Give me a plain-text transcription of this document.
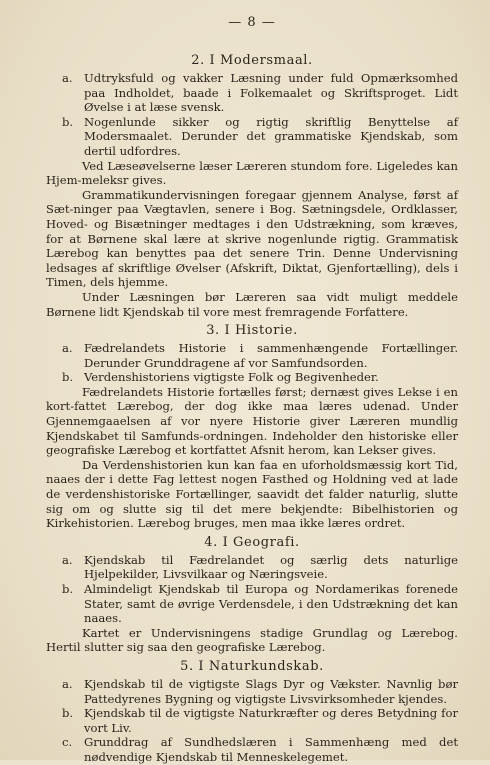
— 8 —
2. I Modersmaal.
a. Udtryksfuld og vakker Læsning under fuld Opmærksomhed paa Indholdet, baade i Folkemaalet og Skriftsproget. Lidt Øvelse i at læse svensk.

b. Nogenlunde sikker og rigtig skriftlig Benyttelse af Modersmaalet. Derunder det grammatiske Kjendskab, som dertil udfordres.

Ved Læseøvelserne læser Læreren stundom fore. Ligeledes kan Hjem-meleksr gives.

Grammatikundervisningen foregaar gjennem Analyse, først af Sæt-ninger paa Vægtavlen, senere i Bog. Sætningsdele, Ordklasser, Hoved- og Bisætninger medtages i den Udstrækning, som kræves, for at Børnene skal lære at skrive nogenlunde rigtig. Grammatisk Lærebog kan benyttes paa det senere Trin. Denne Undervisning ledsages af skriftlige Øvelser (Afskrift, Diktat, Gjenfortælling), dels i Timen, dels hjemme.

Under Læsningen bør Læreren saa vidt muligt meddele Børnene lidt Kjendskab til vore mest fremragende Forfattere.

3. I Historie.
a. Fædrelandets Historie i sammenhængende Fortællinger. Derunder Grunddragene af vor Samfundsorden.

b. Verdenshistoriens vigtigste Folk og Begivenheder.

Fædrelandets Historie fortælles først; dernæst gives Lekse i en kort-fattet Lærebog, der dog ikke maa læres udenad. Under Gjennemgaaelsen af vor nyere Historie giver Læreren mundlig Kjendskabet til Samfunds-ordningen. Indeholder den historiske eller geografiske Lærebog et kortfattet Afsnit herom, kan Lekser gives.

Da Verdenshistorien kun kan faa en uforholdsmæssig kort Tid, naaes der i dette Fag lettest nogen Fasthed og Holdning ved at lade de verdenshistoriske Fortællinger, saavidt det falder naturlig, slutte sig om og slutte sig til det mere bekjendte: Bibelhistorien og Kirkehistorien. Lærebog bruges, men maa ikke læres ordret.

4. I Geografi.
a. Kjendskab til Fædrelandet og særlig dets naturlige Hjelpekilder, Livsvilkaar og Næringsveie.

b. Almindeligt Kjendskab til Europa og Nordamerikas forenede Stater, samt de øvrige Verdensdele, i den Udstrækning det kan naaes.

Kartet er Undervisningens stadige Grundlag og Lærebog. Hertil slutter sig saa den geografiske Lærebog.

5. I Naturkundskab.
a. Kjendskab til de vigtigste Slags Dyr og Vækster. Navnlig bør Pattedyrenes Bygning og vigtigste Livsvirksomheder kjendes.

b. Kjendskab til de vigtigste Naturkræfter og deres Betydning for vort Liv.

c.	Grunddrag af Sundhedslæren i Sammenhæng med det nødvendige Kjendskab til Menneskelegemet.
